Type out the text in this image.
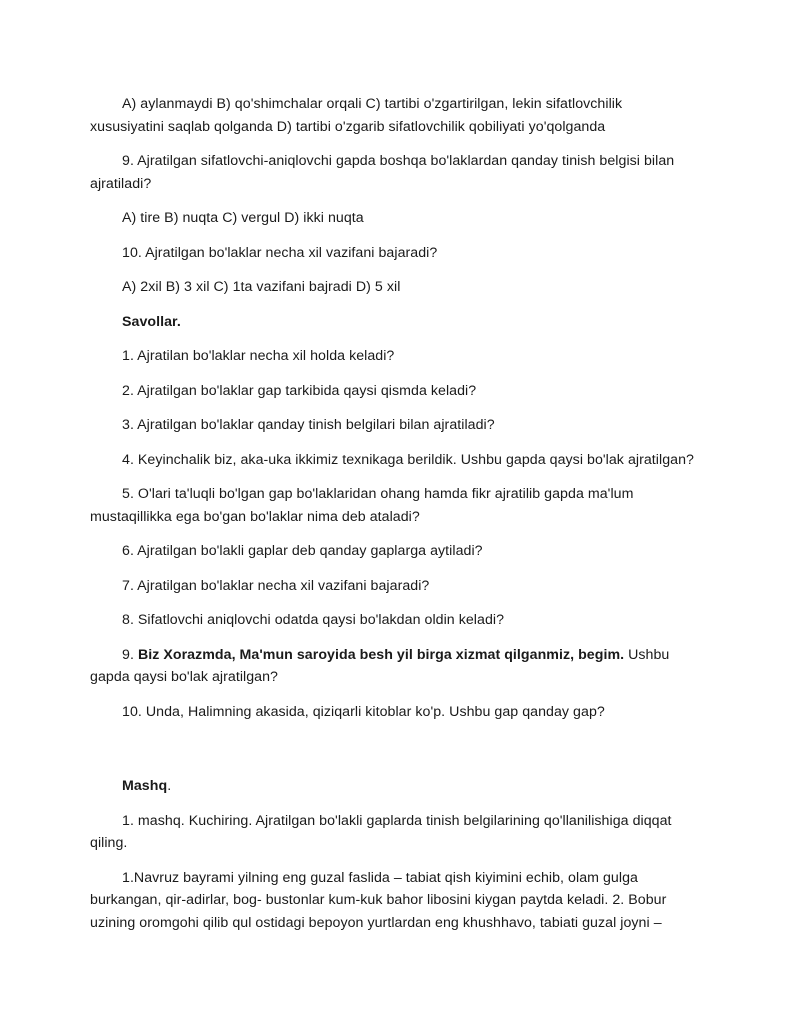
A) aylanmaydi B) qo'shimchalar orqali C) tartibi o'zgartirilgan, lekin sifatlovchilik xususiyatini saqlab qolganda D) tartibi o'zgarib sifatlovchilik qobiliyati yo'qolganda

9. Ajratilgan sifatlovchi-aniqlovchi gapda boshqa bo'laklardan qanday tinish belgisi bilan ajratiladi?

A) tire B) nuqta C) vergul D) ikki nuqta

10. Ajratilgan bo'laklar necha xil vazifani bajaradi?

A) 2xil B) 3 xil C) 1ta vazifani bajradi D) 5 xil

Savollar.

1. Ajratilan bo'laklar necha xil holda keladi?

2. Ajratilgan bo'laklar gap tarkibida qaysi qismda keladi?

3. Ajratilgan bo'laklar qanday tinish belgilari bilan ajratiladi?

4. Keyinchalik biz, aka-uka ikkimiz texnikaga berildik. Ushbu gapda qaysi bo'lak ajratilgan?

5. O'lari ta'luqli bo'lgan gap bo'laklaridan ohang hamda fikr ajratilib gapda ma'lum mustaqillikka ega bo'gan bo'laklar nima deb ataladi?

6. Ajratilgan bo'lakli gaplar deb qanday gaplarga aytiladi?

7. Ajratilgan bo'laklar necha xil vazifani bajaradi?

8. Sifatlovchi aniqlovchi odatda qaysi bo'lakdan oldin keladi?

9. Biz Xorazmda, Ma'mun saroyida besh yil birga xizmat qilganmiz, begim. Ushbu gapda qaysi bo'lak ajratilgan?

10. Unda, Halimning akasida, qiziqarli kitoblar ko'p. Ushbu gap qanday gap?

Mashq.

1. mashq. Kuchiring. Ajratilgan bo'lakli gaplarda tinish belgilarining qo'llanilishiga diqqat qiling.

1.Navruz bayrami yilning eng guzal faslida – tabiat qish kiyimini echib, olam gulga burkangan, qir-adirlar, bog- bustonlar kum-kuk bahor libosini kiygan paytda keladi. 2. Bobur uzining oromgohi qilib qul ostidagi bepoyon yurtlardan eng khushhavo, tabiati guzal joyni –
